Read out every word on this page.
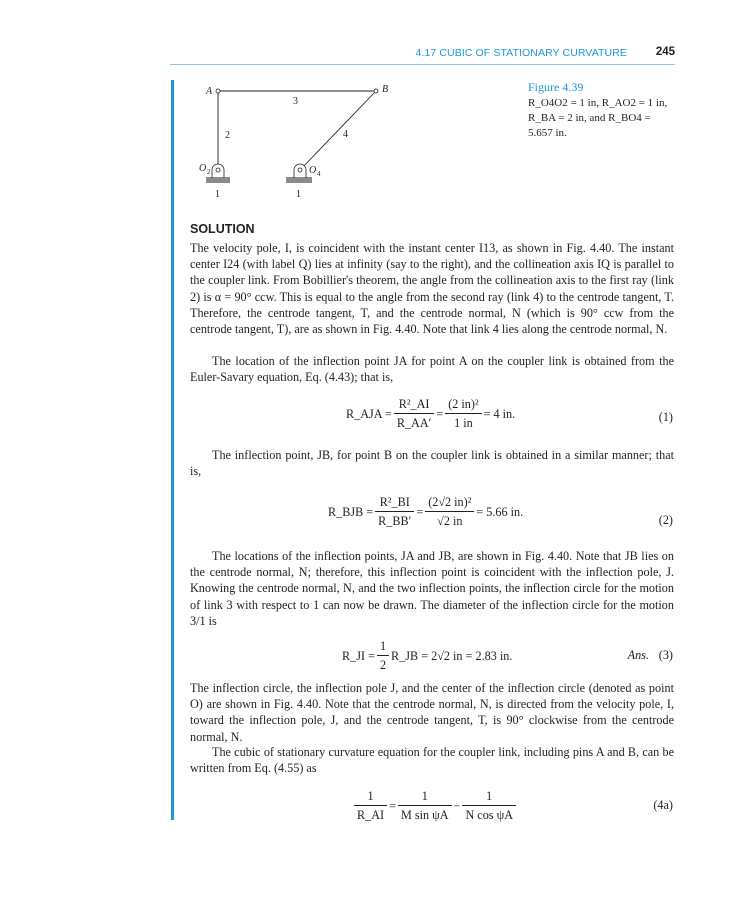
4.17 CUBIC OF STATIONARY CURVATURE	245
A	B
3
2	4
O 2	O 4
1	1
Figure 4.39
R_O4O2 = 1 in, R_AO2 = 1 in,
R_BA = 2 in, and R_BO4 =
5.657 in.
SOLUTION
The velocity pole, I, is coincident with the instant center I13, as shown in Fig. 4.40. The instant center I24 (with label Q) lies at infinity (say to the right), and the collineation axis IQ is parallel to the coupler link. From Bobillier's theorem, the angle from the collineation axis to the first ray (link 2) is α = 90° ccw. This is equal to the angle from the second ray (link 4) to the centrode tangent, T. Therefore, the centrode tangent, T, and the centrode normal, N (which is 90° ccw from the centrode tangent, T), are as shown in Fig. 4.40. Note that link 4 lies along the centrode normal, N.
The location of the inflection point JA for point A on the coupler link is obtained from the Euler-Savary equation, Eq. (4.43); that is,
R_AJA = $\frac{\text{R²\_AI}}{R\_AA'} = \frac{\text{(2 in)²}}{1 in} = 4$ in.	(1)
The inflection point, JB, for point B on the coupler link is obtained in a similar manner; that is,
R_BJB = $\frac{\text{R²\_BI}}{R\_BB'} = \frac{\text{(2√2 in)²}}{√2 in} = 5.66$ in.
(2)
The locations of the inflection points, JA and JB, are shown in Fig. 4.40. Note that JB lies on the centrode normal, N; therefore, this inflection point is coincident with the inflection pole, J. Knowing the centrode normal, N, and the two inflection points, the inflection circle for the motion of link 3 with respect to 1 can now be drawn. The diameter of the inflection circle for the motion 3/1 is
R_JI = $\frac{1}{2}$ R_JB = 2√2 in = 2.83 in.	Ans. (3)
The inflection circle, the inflection pole J, and the center of the inflection circle (denoted as point O) are shown in Fig. 4.40. Note that the centrode normal, N, is directed from the velocity pole, I, toward the inflection pole, J, and the centrode tangent, T, is 90° clockwise from the centrode normal, N.
The cubic of stationary curvature equation for the coupler link, including pins A and B, can be written from Eq. (4.55) as
$\frac{1}{R\_AI} = \frac{1}{\text{M sin ψA}} - \frac{1}{\text{N cos ψA}}$	(4a)
